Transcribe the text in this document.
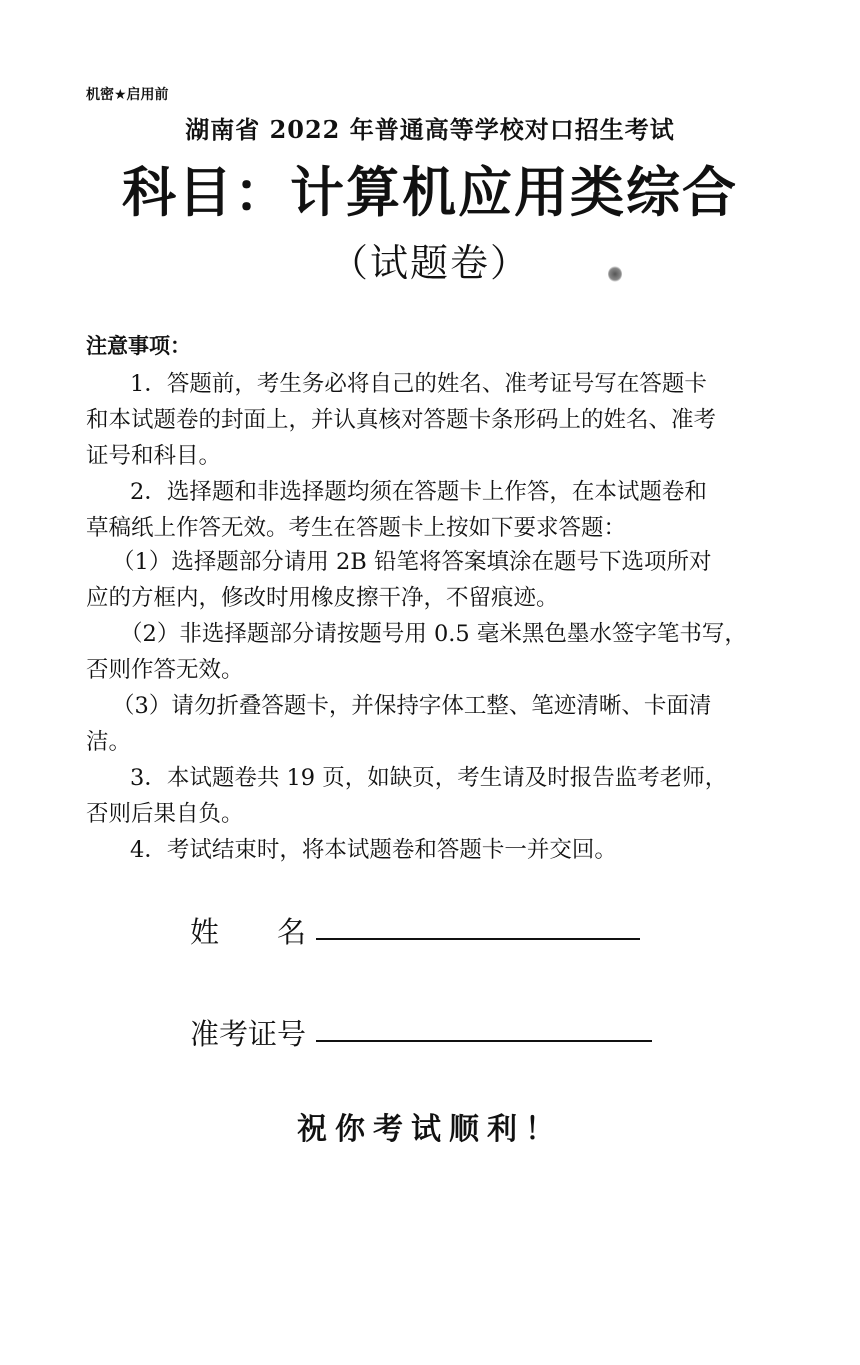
机密★启用前
湖南省 2022 年普通高等学校对口招生考试
科目：计算机应用类综合
（试题卷）
注意事项：
1．答题前，考生务必将自己的姓名、准考证号写在答题卡
和本试题卷的封面上，并认真核对答题卡条形码上的姓名、准考
证号和科目。
2．选择题和非选择题均须在答题卡上作答，在本试题卷和
草稿纸上作答无效。考生在答题卡上按如下要求答题：
（1）选择题部分请用 2B 铅笔将答案填涂在题号下选项所对
应的方框内，修改时用橡皮擦干净，不留痕迹。
（2）非选择题部分请按题号用 0.5 毫米黑色墨水签字笔书写，
否则作答无效。
（3）请勿折叠答题卡，并保持字体工整、笔迹清晰、卡面清
洁。
3．本试题卷共 19 页，如缺页，考生请及时报告监考老师，
否则后果自负。
4．考试结束时，将本试题卷和答题卡一并交回。
姓　　名
准考证号
祝你考试顺利！
